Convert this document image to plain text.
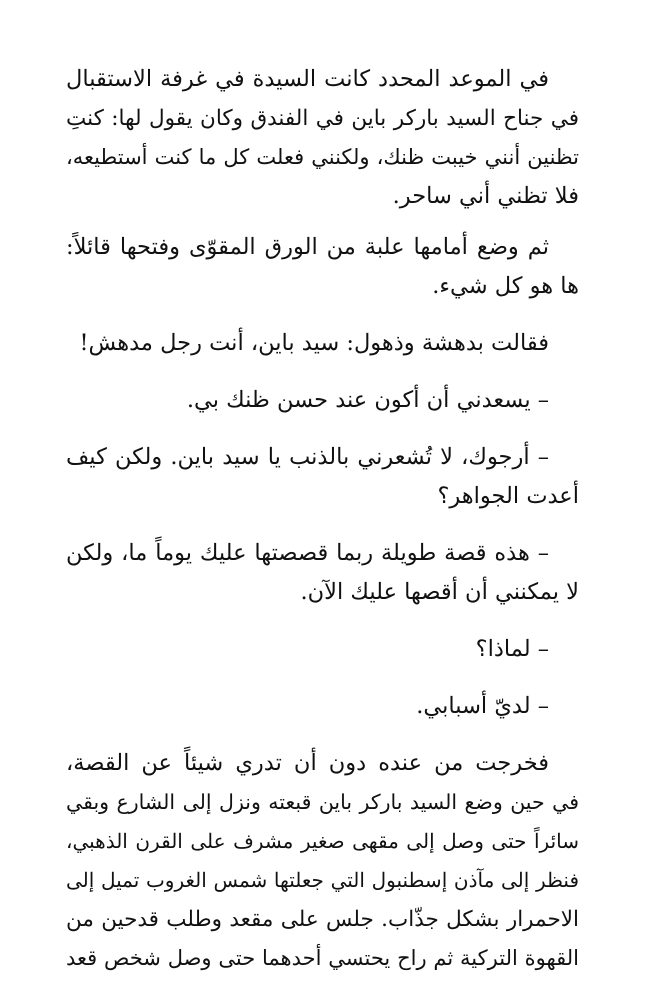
في الموعد المحدد كانت السيدة في غرفة الاستقبال
في جناح السيد باركر باين في الفندق وكان يقول لها: كنتِ
تظنين أنني خيبت ظنك، ولكنني فعلت كل ما كنت أستطيعه،
فلا تظني أني ساحر.

ثم وضع أمامها علبة من الورق المقوّى وفتحها قائلاً:
ها هو كل شيء.

فقالت بدهشة وذهول: سيد باين، أنت رجل مدهش!

– يسعدني أن أكون عند حسن ظنك بي.

– أرجوك، لا تُشعرني بالذنب يا سيد باين. ولكن كيف
أعدت الجواهر؟

– هذه قصة طويلة ربما قصصتها عليك يوماً ما، ولكن
لا يمكنني أن أقصها عليك الآن.

– لماذا؟

– لديّ أسبابي.

فخرجت من عنده دون أن تدري شيئاً عن القصة،
في حين وضع السيد باركر باين قبعته ونزل إلى الشارع وبقي
سائراً حتى وصل إلى مقهى صغير مشرف على القرن الذهبي،
فنظر إلى مآذن إسطنبول التي جعلتها شمس الغروب تميل إلى
الاحمرار بشكل جذّاب. جلس على مقعد وطلب قدحين من
القهوة التركية ثم راح يحتسي أحدهما حتى وصل شخص قعد
